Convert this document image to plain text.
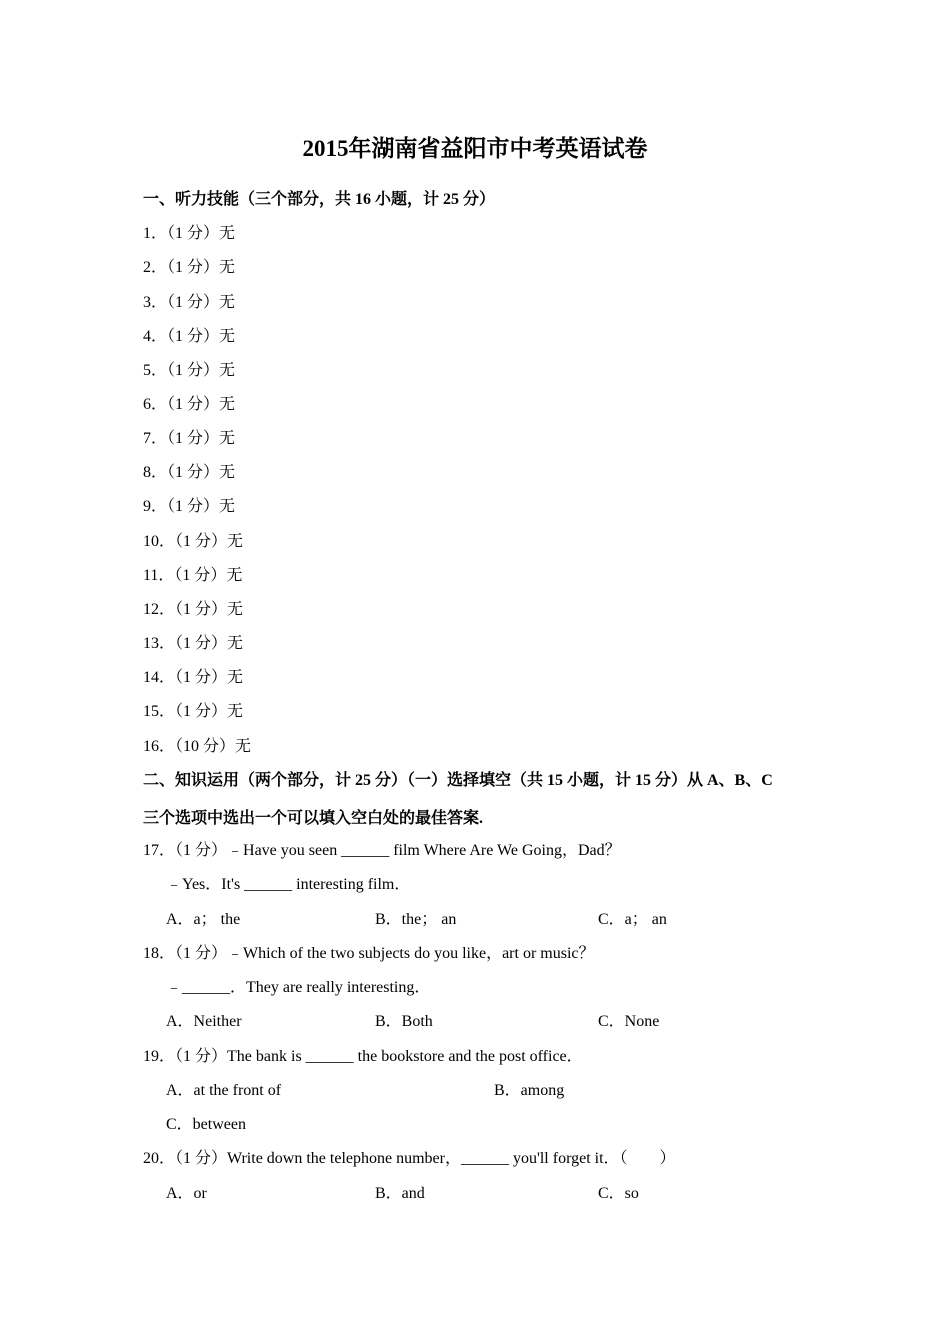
2015年湖南省益阳市中考英语试卷
一、听力技能（三个部分，共 16 小题，计 25 分）
1．（1 分）无
2．（1 分）无
3．（1 分）无
4．（1 分）无
5．（1 分）无
6．（1 分）无
7．（1 分）无
8．（1 分）无
9．（1 分）无
10．（1 分）无
11．（1 分）无
12．（1 分）无
13．（1 分）无
14．（1 分）无
15．（1 分）无
16．（10 分）无
二、知识运用（两个部分，计 25 分）（一）选择填空（共 15 小题，计 15 分）从 A、B、C
三个选项中选出一个可以填入空白处的最佳答案.
17．（1 分）﹣Have you seen ______ film Where Are We Going，Dad？
﹣Yes．It's ______ interesting film．
A．a； the	B．the； an	C．a； an
18．（1 分）﹣Which of the two subjects do you like，art or music？
﹣______．They are really interesting．
A．Neither	B．Both	C．None
19．（1 分）The bank is ______ the bookstore and the post office．
A．at the front of	B．among
C．between
20．（1 分）Write down the telephone number，______ you'll forget it．（　　）
A．or	B．and	C．so
